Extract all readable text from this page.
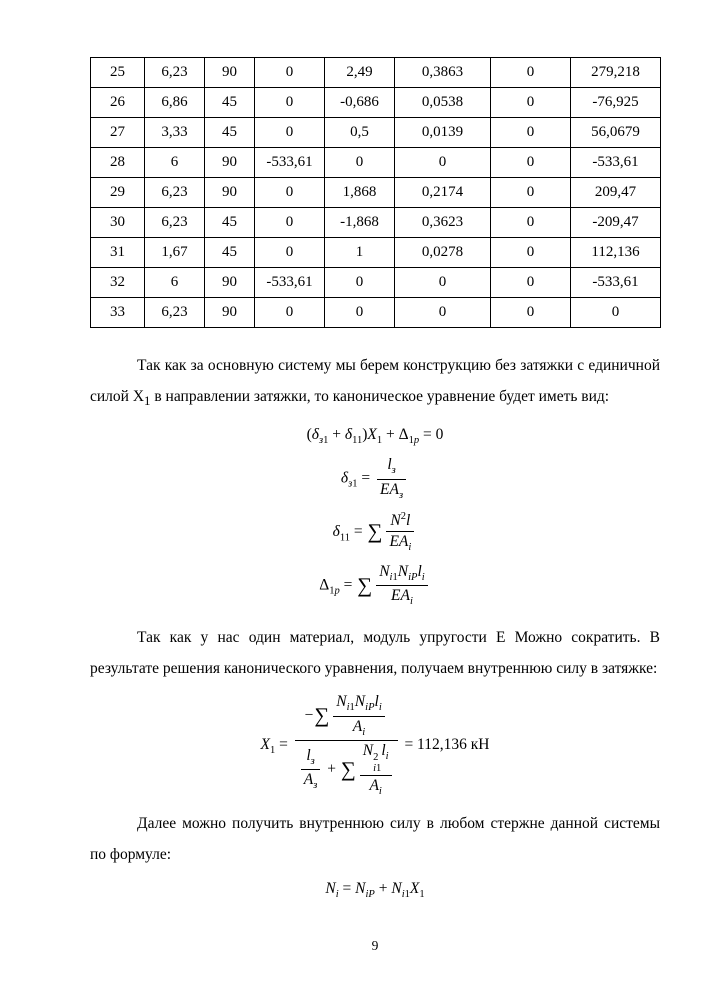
25	6,23	90	0	2,49	0,3863	0	279,218
26	6,86	45	0	-0,686	0,0538	0	-76,925
27	3,33	45	0	0,5	0,0139	0	56,0679
28	6	90	-533,61	0	0	0	-533,61
29	6,23	90	0	1,868	0,2174	0	209,47
30	6,23	45	0	-1,868	0,3623	0	-209,47
31	1,67	45	0	1	0,0278	0	112,136
32	6	90	-533,61	0	0	0	-533,61
33	6,23	90	0	0	0	0	0

Так как за основную систему мы берем конструкцию без затяжки с единичной силой $X_1$ в направлении затяжки, то каноническое уравнение будет иметь вид:

$(\delta_{з1} + \delta_{11})X_1 + \Delta_{1p} = 0$
$\delta_{з1} = \frac{l_з}{EA_з}$
$\delta_{11}$ = ∑ $\frac{N^2l}{EA_i}$
$\Delta_{1p}$ = ∑ $\frac{N_{i1}N_{iP}l_i}{EA_i}$

Так как у нас один материал, модуль упругости Е Можно сократить. В результате решения канонического уравнения, получаем внутреннюю силу в затяжке:

$X_1$ = −∑ $\frac{N_{i1}N_{iP}l_i}{A_i}$
$\frac{l_з}{A_з}$ + ∑ N 2
i1
$l_i$
$A_i = 112,136$ кН

Далее можно получить внутреннюю силу в любом стержне данной системы по формуле:

$N_i = N_{iP} + N_{i1}X_1$
9
